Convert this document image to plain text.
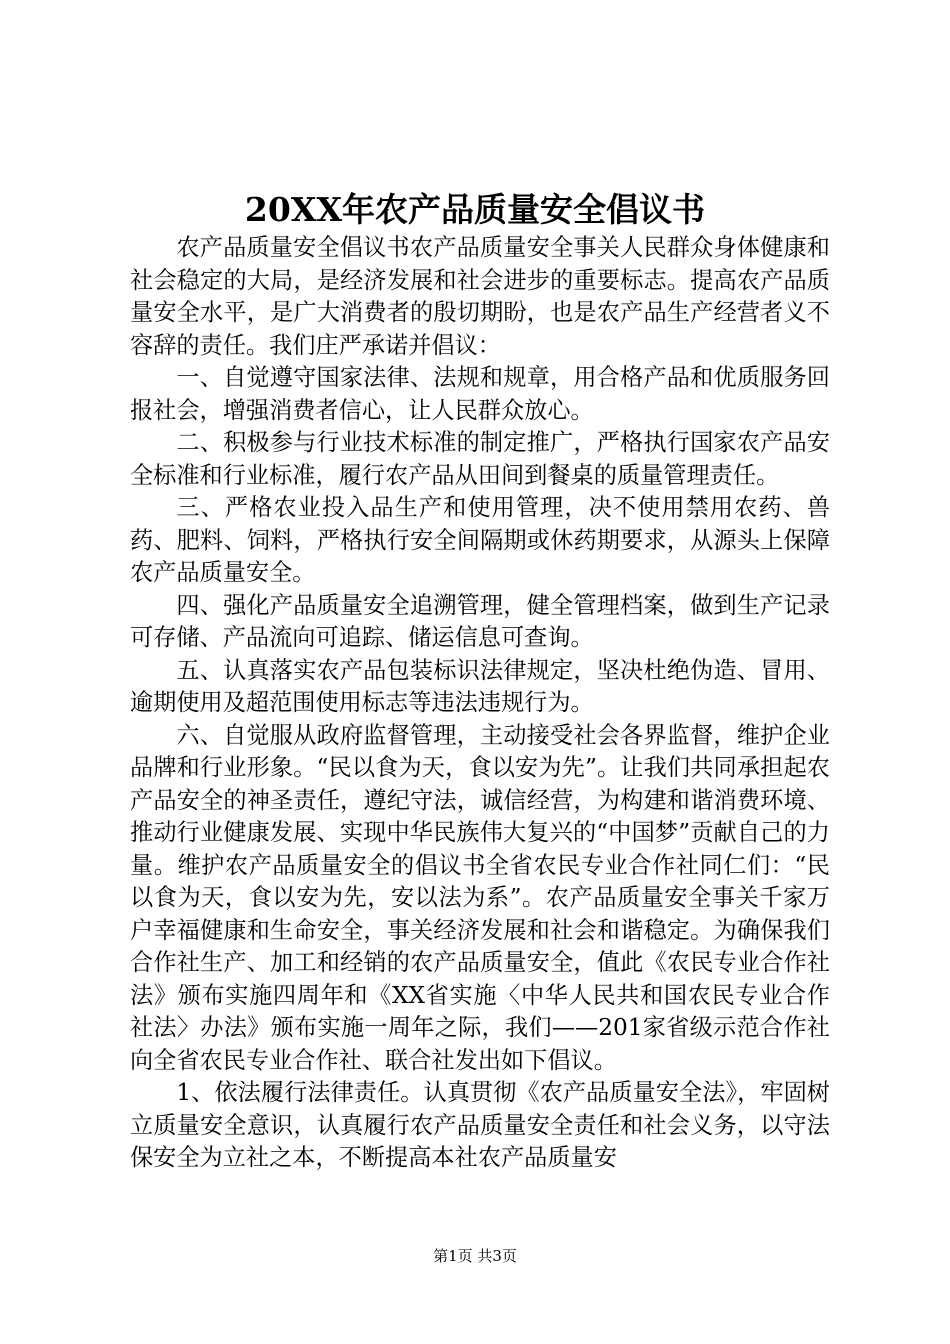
20XX年农产品质量安全倡议书

农产品质量安全倡议书农产品质量安全事关人民群众身体健康和社会稳定的大局，是经济发展和社会进步的重要标志。提高农产品质量安全水平，是广大消费者的殷切期盼，也是农产品生产经营者义不容辞的责任。我们庄严承诺并倡议：

一、自觉遵守国家法律、法规和规章，用合格产品和优质服务回报社会，增强消费者信心，让人民群众放心。

二、积极参与行业技术标准的制定推广，严格执行国家农产品安全标准和行业标准，履行农产品从田间到餐桌的质量管理责任。

三、严格农业投入品生产和使用管理，决不使用禁用农药、兽药、肥料、饲料，严格执行安全间隔期或休药期要求，从源头上保障农产品质量安全。

四、强化产品质量安全追溯管理，健全管理档案，做到生产记录可存储、产品流向可追踪、储运信息可查询。

五、认真落实农产品包装标识法律规定，坚决杜绝伪造、冒用、逾期使用及超范围使用标志等违法违规行为。

六、自觉服从政府监督管理，主动接受社会各界监督，维护企业品牌和行业形象。“民以食为天，食以安为先”。让我们共同承担起农产品安全的神圣责任，遵纪守法，诚信经营，为构建和谐消费环境、推动行业健康发展、实现中华民族伟大复兴的“中国梦”贡献自己的力量。维护农产品质量安全的倡议书全省农民专业合作社同仁们：“民以食为天，食以安为先，安以法为系”。农产品质量安全事关千家万户幸福健康和生命安全，事关经济发展和社会和谐稳定。为确保我们合作社生产、加工和经销的农产品质量安全，值此《农民专业合作社法》颁布实施四周年和《XX省实施〈中华人民共和国农民专业合作社法〉办法》颁布实施一周年之际，我们——201家省级示范合作社向全省农民专业合作社、联合社发出如下倡议。

1、依法履行法律责任。认真贯彻《农产品质量安全法》，牢固树立质量安全意识，认真履行农产品质量安全责任和社会义务，以守法保安全为立社之本，不断提高本社农产品质量安

第1页 共3页
